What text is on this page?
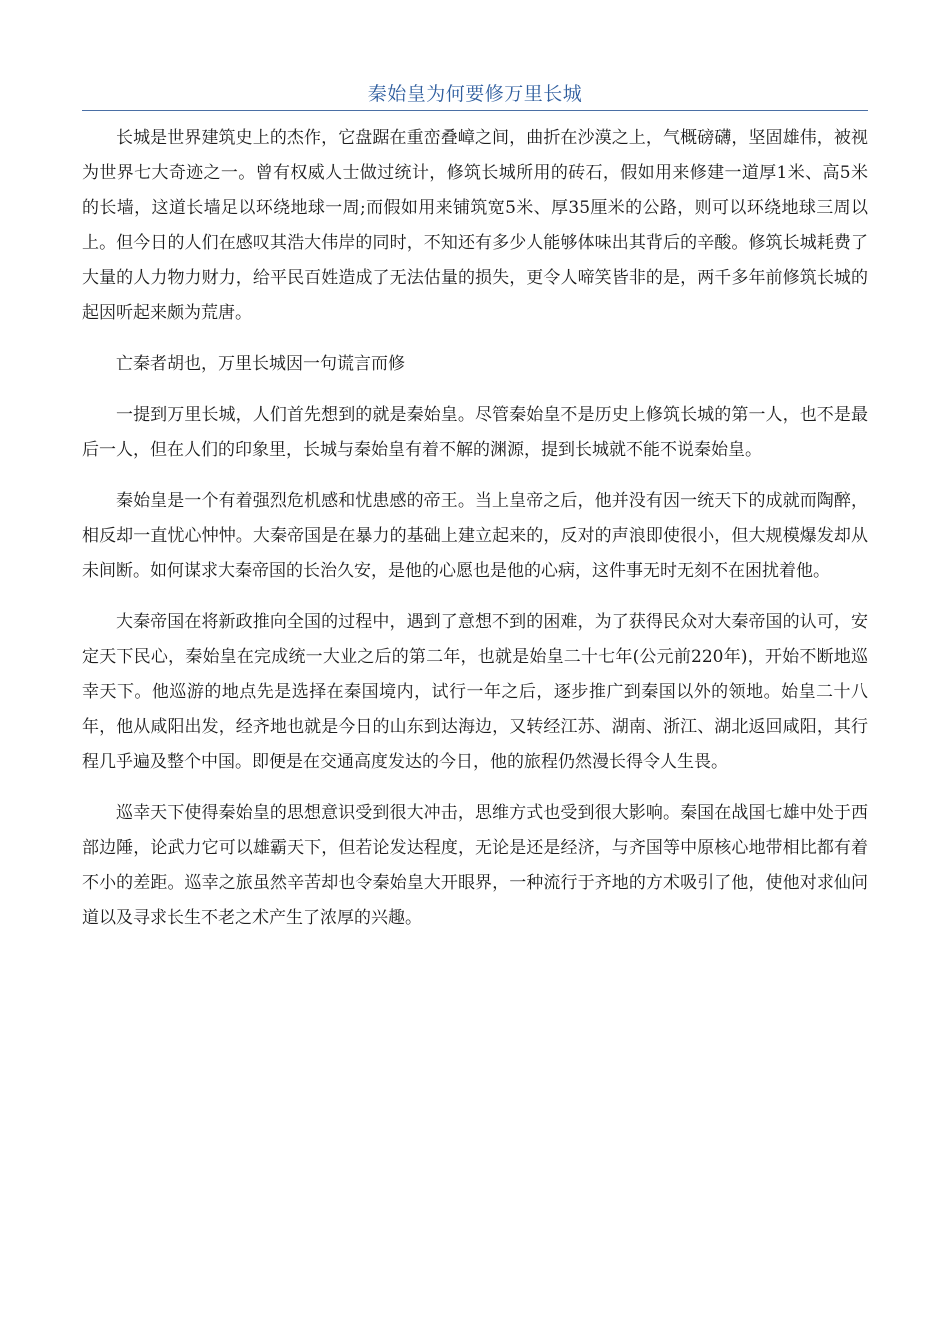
秦始皇为何要修万里长城

长城是世界建筑史上的杰作，它盘踞在重峦叠嶂之间，曲折在沙漠之上，气概磅礴，坚固雄伟，被视为世界七大奇迹之一。曾有权威人士做过统计，修筑长城所用的砖石，假如用来修建一道厚1米、高5米的长墙，这道长墙足以环绕地球一周;而假如用来铺筑宽5米、厚35厘米的公路，则可以环绕地球三周以上。但今日的人们在感叹其浩大伟岸的同时，不知还有多少人能够体味出其背后的辛酸。修筑长城耗费了大量的人力物力财力，给平民百姓造成了无法估量的损失，更令人啼笑皆非的是，两千多年前修筑长城的起因听起来颇为荒唐。

亡秦者胡也，万里长城因一句谎言而修

一提到万里长城，人们首先想到的就是秦始皇。尽管秦始皇不是历史上修筑长城的第一人，也不是最后一人，但在人们的印象里，长城与秦始皇有着不解的渊源，提到长城就不能不说秦始皇。

秦始皇是一个有着强烈危机感和忧患感的帝王。当上皇帝之后，他并没有因一统天下的成就而陶醉，相反却一直忧心忡忡。大秦帝国是在暴力的基础上建立起来的，反对的声浪即使很小，但大规模爆发却从未间断。如何谋求大秦帝国的长治久安，是他的心愿也是他的心病，这件事无时无刻不在困扰着他。

大秦帝国在将新政推向全国的过程中，遇到了意想不到的困难，为了获得民众对大秦帝国的认可，安定天下民心，秦始皇在完成统一大业之后的第二年，也就是始皇二十七年(公元前220年)，开始不断地巡幸天下。他巡游的地点先是选择在秦国境内，试行一年之后，逐步推广到秦国以外的领地。始皇二十八年，他从咸阳出发，经齐地也就是今日的山东到达海边，又转经江苏、湖南、浙江、湖北返回咸阳，其行程几乎遍及整个中国。即便是在交通高度发达的今日，他的旅程仍然漫长得令人生畏。

巡幸天下使得秦始皇的思想意识受到很大冲击，思维方式也受到很大影响。秦国在战国七雄中处于西部边陲，论武力它可以雄霸天下，但若论发达程度，无论是还是经济，与齐国等中原核心地带相比都有着不小的差距。巡幸之旅虽然辛苦却也令秦始皇大开眼界，一种流行于齐地的方术吸引了他，使他对求仙问道以及寻求长生不老之术产生了浓厚的兴趣。
